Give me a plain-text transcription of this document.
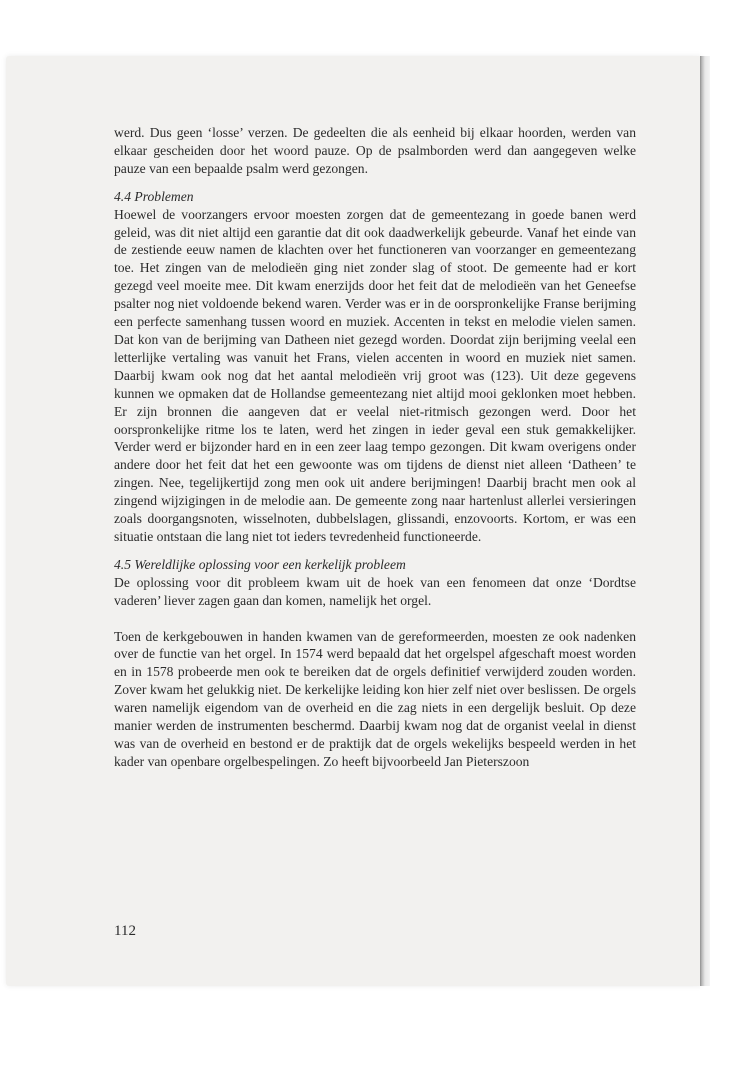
werd. Dus geen ‘losse’ verzen. De gedeelten die als eenheid bij elkaar hoorden, werden van elkaar gescheiden door het woord pauze. Op de psalmborden werd dan aangegeven welke pauze van een bepaalde psalm werd gezongen.

4.4 Problemen

Hoewel de voorzangers ervoor moesten zorgen dat de gemeentezang in goede banen werd geleid, was dit niet altijd een garantie dat dit ook daadwerkelijk gebeurde. Vanaf het einde van de zestiende eeuw namen de klachten over het functioneren van voorzanger en gemeentezang toe. Het zingen van de melodieën ging niet zonder slag of stoot. De gemeente had er kort gezegd veel moeite mee. Dit kwam enerzijds door het feit dat de melodieën van het Geneefse psalter nog niet voldoende bekend waren. Verder was er in de oorspronkelijke Franse berijming een perfecte samenhang tussen woord en muziek. Accenten in tekst en melodie vielen samen. Dat kon van de berijming van Datheen niet gezegd worden. Doordat zijn berijming veelal een letterlijke vertaling was vanuit het Frans, vielen accenten in woord en muziek niet samen. Daarbij kwam ook nog dat het aantal melodieën vrij groot was (123). Uit deze gegevens kunnen we opmaken dat de Hollandse gemeentezang niet altijd mooi geklonken moet hebben. Er zijn bronnen die aangeven dat er veelal niet-ritmisch gezongen werd. Door het oorspronkelijke ritme los te laten, werd het zingen in ieder geval een stuk gemakkelijker. Verder werd er bijzonder hard en in een zeer laag tempo gezongen. Dit kwam overigens onder andere door het feit dat het een gewoonte was om tijdens de dienst niet alleen ‘Datheen’ te zingen. Nee, tegelijkertijd zong men ook uit andere berijmingen! Daarbij bracht men ook al zingend wijzigingen in de melodie aan. De gemeente zong naar hartenlust allerlei versieringen zoals doorgangsnoten, wisselnoten, dubbelslagen, glissandi, enzovoorts. Kortom, er was een situatie ontstaan die lang niet tot ieders tevredenheid functioneerde.

4.5 Wereldlijke oplossing voor een kerkelijk probleem

De oplossing voor dit probleem kwam uit de hoek van een fenomeen dat onze ‘Dordtse vaderen’ liever zagen gaan dan komen, namelijk het orgel.

Toen de kerkgebouwen in handen kwamen van de gereformeerden, moesten ze ook nadenken over de functie van het orgel. In 1574 werd bepaald dat het orgelspel afgeschaft moest worden en in 1578 probeerde men ook te bereiken dat de orgels definitief verwijderd zouden worden. Zover kwam het gelukkig niet. De kerkelijke leiding kon hier zelf niet over beslissen. De orgels waren namelijk eigendom van de overheid en die zag niets in een dergelijk besluit. Op deze manier werden de instrumenten beschermd. Daarbij kwam nog dat de organist veelal in dienst was van de overheid en bestond er de praktijk dat de orgels wekelijks bespeeld werden in het kader van openbare orgelbespelingen. Zo heeft bijvoorbeeld Jan Pieterszoon

112
